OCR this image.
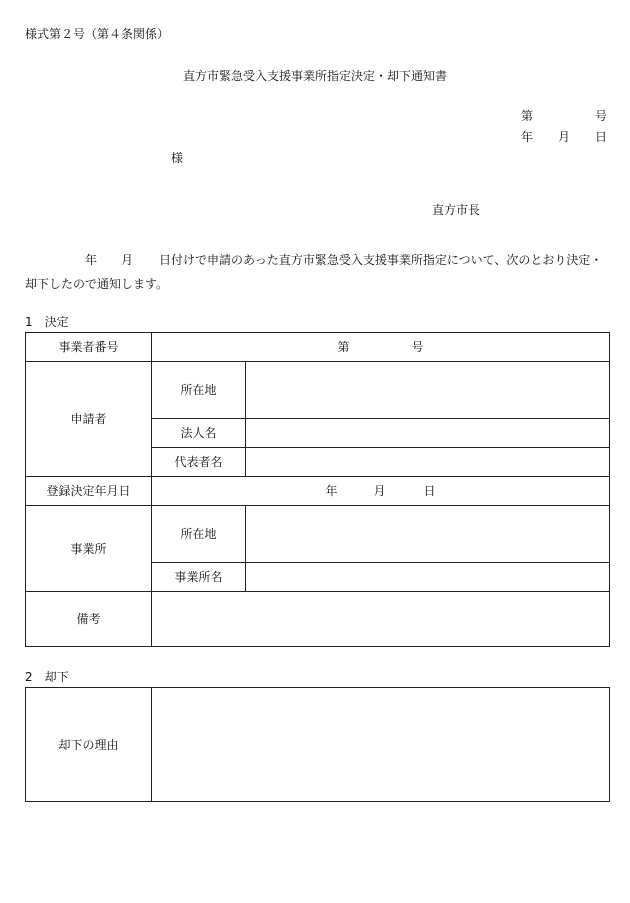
様式第２号（第４条関係）
直方市緊急受入支援事業所指定決定・却下通知書
第	号
年 月 日
様
直方市長
年 月	日付けで申請のあった直方市緊急受入支援事業所指定について、次のとおり決定・却下したので通知します。
1　決定
事業者番号	第 号	
申請者	所在地	
	法人名	
	代表者名	
登録決定年月日	年 月 日	
事業所	所在地	
	事業所名	
備考		
2　却下
却下の理由	
